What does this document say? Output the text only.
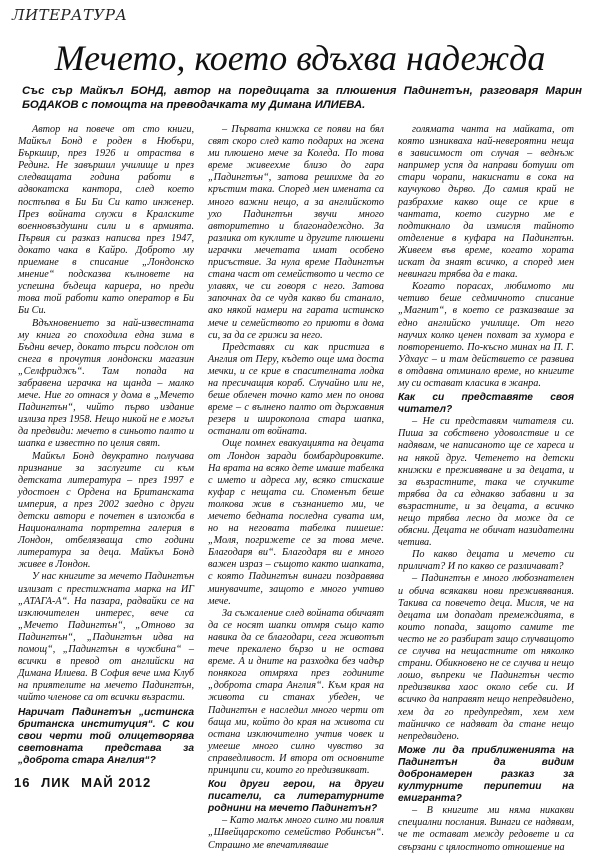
ЛИТЕРАТУРА
Мечето, което вдъхва надежда
Със сър Майкъл БОНД, автор на поредицата за плюшения Падингтън, разговаря Марин БОДАКОВ с помощта на преводачката му Димана ИЛИЕВА.

Автор на повече от сто книги, Майкъл Бонд е роден в Нюбъри, Бъркшир, през 1926 и отраства в Рединг. Не завършил училище и през следващата година работи в адвокатска кантора, след което постъпва в Би Би Си като инженер. През войната служи в Кралските военновъздушни сили и в армията. Първия си разказ написва през 1947, докато чака в Кайро. Доброто му приемане в списание „Лондонско мнение“ подсказва кълновете на успешна бъдеща кариера, но преди това той работи като оператор в Би Би Си.

Вдъхновението за най-известната му книга го споходила една зима в Бъдни вечер, докато търси подслон от снега в прочутия лондонски магазин „Селфриджъ“. Там попада на забравена играчка на щанда – малко мече. Ние го отнася у дома в „Мечето Падингтън“, чийто първо издание излиза през 1958. Нещо никой не е могъл да предвиди: мечето в синьото палто и шапка е известно по целия свят.

Майкъл Бонд двукратно получава признание за заслугите си към детската литература – през 1997 е удостоен с Ордена на Британската империя, а през 2002 заедно с други детски автори е почетен в изложба в Националната портретна галерия в Лондон, отбелязваща сто години литература за деца. Майкъл Бонд живее в Лондон.

У нас книгите за мечето Падингтън излизат с престижната марка на ИГ „АТАГА-А“. На пазара, радвайки се на изключителен интерес, вече са „Мечето Падингтън“, „Отново за Падингтън“, „Падингтън идва на помощ“, „Падингтън в чужбина“ – всички в превод от английски на Димана Илиева. В София вече има Клуб на приятелите на мечето Падингтън, чийто членове са от всички възрасти.

Наричат Падингтън „истинска британска институция“. С кои свои черти той олицетворява световната представа за „доброта стара Англия“?

– Първата книжка се появи на бял свят скоро след като подарих на жена ми плюшено мече за Коледа. По това време живеехме близо до гара „Падингтън“, затова решихме да го кръстим така. Според мен имената са много важни нещо, а за английското ухо Падингтън звучи много авторитетно и благонадеждно. За разлика от куклите и другите плюшени играчки мечетата имат особено присъствие. За нула време Падингтън стана част от семейството и често се улавях, че си говоря с него. Затова започнах да се чудя какво би станало, ако някой намери на гарата истинско мече и семейството го приюти в дома си, за да се грижи за него.

Представях си как пристига в Англия от Перу, където още има доста мечки, и се крие в спасителната лодка на пресичащия кораб. Случайно или не, беше облечен точно като мен по онова време – с вълнено палто от държавния резерв и широкопола стара шапка, останали от войната.

Още помнех евакуацията на децата от Лондон заради бомбардировките. На врата на всяко дете имаше табелка с името и адреса му, всяко стискаше куфар с нещата си. Споменът беше толкова жив в съзнанието ми, че мечето бедната последна сувата им, но на неговата табелка пишеше: „Моля, погрижете се за това мече. Благодаря ви“. Благодаря ви е много важен израз – същото както шапката, с която Падингтън винаги поздравява минувачите, защото е много учтиво мече.

За съжаление след войната обичаят да се носят шапки отмря също като навика да се благодари, сега животът тече прекалено бързо и не остава време. А и дните на разходка без чадър понякога отмряха през годините „доброта стара Англия“. Към края на живота си станах убеден, че Падингтън е наследил много черти от баща ми, който до края на живота си остана изключително учтив човек и умееше много силно чувство за справедливост. И втора от основните принципи си, които го предизвикват.

Кои други герои, на други писатели, са литературните роднини на мечето Падингтън?

– Като малък много силно ми повлия „Швейцарското семейство Робинсън“. Страшно ме впечатляваше

голямата чанта на майката, от която изникваха най-невероятни неща в зависимост от случая – веднъж например успя да направи ботуши от стари чорапи, накиснати в сока на каучуково дърво. До самия край не разбрахме какво още се крие в чантата, което сигурно ме е подтикнало да измисля тайното отделение в куфара на Падингтън. Живеем във време, когато хората искат да знаят всичко, а според мен невинаги трябва да е така.

Когато порасах, любимото ми четиво беше седмичното списание „Магнит“, в което се разказваше за едно английско училище. От него научих колко ценен похват за хумора е повторението. По-късно минах на П. Г. Удхаус – и там действието се развива в отдавна отминало време, но книгите му си остават класика в жанра.

Как си представяте своя читател?

– Не си представям читателя си. Пиша за собствено удоволствие и се надявам, че написаното ще се хареса и на някой друг. Четенето на детски книжки е преживяване и за децата, и за възрастните, така че случките трябва да са еднакво забавни и за възрастните, и за децата, а всичко нещо трябва лесно да може да се обясни. Децата не обичат назидателни четива.

По какво децата и мечето си приличат? И по какво се различават?

– Падингтън е много любознателен и обича всякакви нови преживявания. Такива са повечето деца. Мисля, че на децата им допадат премеждията, в които попада, защото самите те често не го разбират защо случващото се случва на нещастните от няколко страни. Обикновено не се случва и нещо лошо, въпреки че Падингтън често предизвиква хаос около себе си. И всичко да направят нещо непредвидено, хем да го предупредят, хем хем тайничко се надяват да стане нещо непредвидено.

Може ли да приближенията на Падингтън да видим добронамерен разказ за културните перипетии на емигранта?

– В книгите ми няма никакви специални послания. Винаги се надявам, че те остават между редовете и са свързани с цялостното отношение на

16 ЛИК МАЙ 2012
